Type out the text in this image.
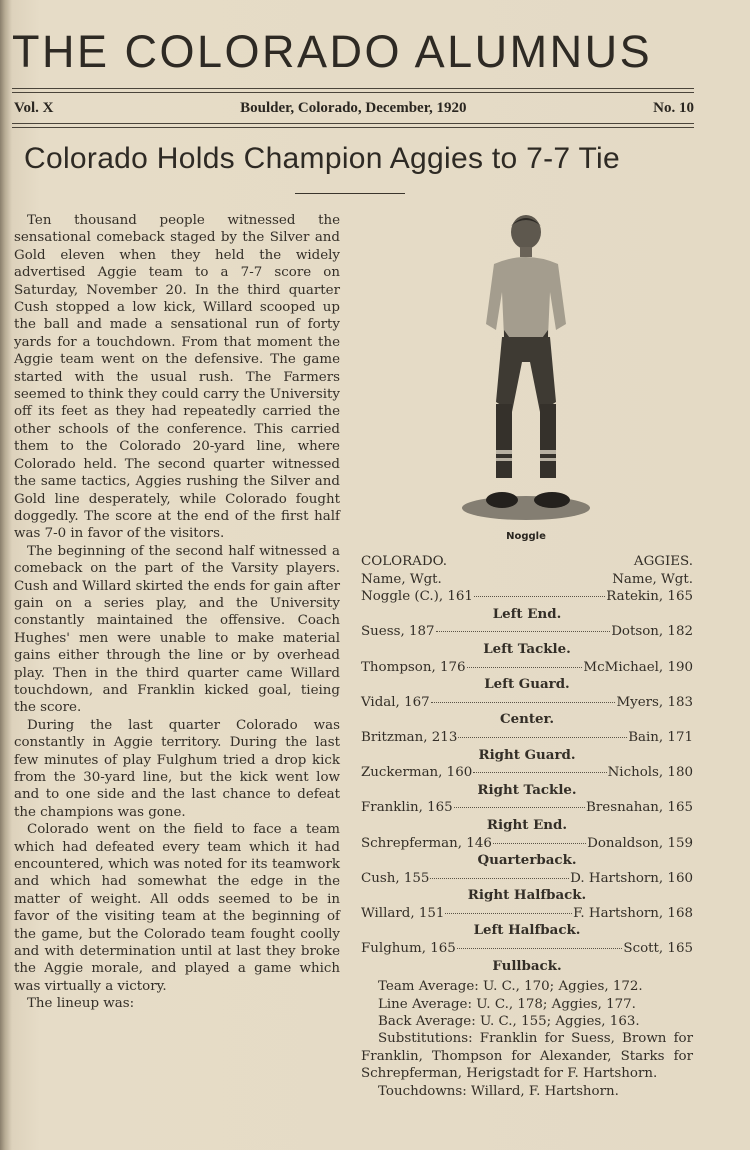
THE COLORADO ALUMNUS
Vol. X	Boulder, Colorado, December, 1920	No. 10
Colorado Holds Champion Aggies to 7-7 Tie

Ten thousand people witnessed the sensational comeback staged by the Silver and Gold eleven when they held the widely advertised Aggie team to a 7-7 score on Saturday, November 20. In the third quarter Cush stopped a low kick, Willard scooped up the ball and made a sensational run of forty yards for a touchdown. From that moment the Aggie team went on the defensive. The game started with the usual rush. The Farmers seemed to think they could carry the University off its feet as they had repeatedly carried the other schools of the conference. This carried them to the Colorado 20-yard line, where Colorado held. The second quarter witnessed the same tactics, Aggies rushing the Silver and Gold line desperately, while Colorado fought doggedly. The score at the end of the first half was 7-0 in favor of the visitors.

The beginning of the second half witnessed a comeback on the part of the Varsity players. Cush and Willard skirted the ends for gain after gain on a series play, and the University constantly maintained the offensive. Coach Hughes' men were unable to make material gains either through the line or by overhead play. Then in the third quarter came Willard touchdown, and Franklin kicked goal, tieing the score.

During the last quarter Colorado was constantly in Aggie territory. During the last few minutes of play Fulghum tried a drop kick from the 30-yard line, but the kick went low and to one side and the last chance to defeat the champions was gone.

Colorado went on the field to face a team which had defeated every team which it had encountered, which was noted for its teamwork and which had somewhat the edge in the matter of weight. All odds seemed to be in favor of the visiting team at the beginning of the game, but the Colorado team fought coolly and with determination until at last they broke the Aggie morale, and played a game which was virtually a victory.

The lineup was:

Noggle
COLORADO.	AGGIES.
Name, Wgt.	Name, Wgt.
Noggle (C.), 161	Ratekin, 165
Left End.
Suess, 187	Dotson, 182
Left Tackle.
Thompson, 176	McMichael, 190
Left Guard.
Vidal, 167	Myers, 183
Center.
Britzman, 213	Bain, 171
Right Guard.
Zuckerman, 160	Nichols, 180
Right Tackle.
Franklin, 165	Bresnahan, 165
Right End.
Schrepferman, 146	Donaldson, 159
Quarterback.
Cush, 155	D. Hartshorn, 160
Right Halfback.
Willard, 151	F. Hartshorn, 168
Left Halfback.
Fulghum, 165	Scott, 165
Fullback.

Team Average: U. C., 170; Aggies, 172.

Line Average: U. C., 178; Aggies, 177.

Back Average: U. C., 155; Aggies, 163.

Substitutions: Franklin for Suess, Brown for Franklin, Thompson for Alexander, Starks for Schrepferman, Herigstadt for F. Hartshorn.

Touchdowns: Willard, F. Hartshorn.
